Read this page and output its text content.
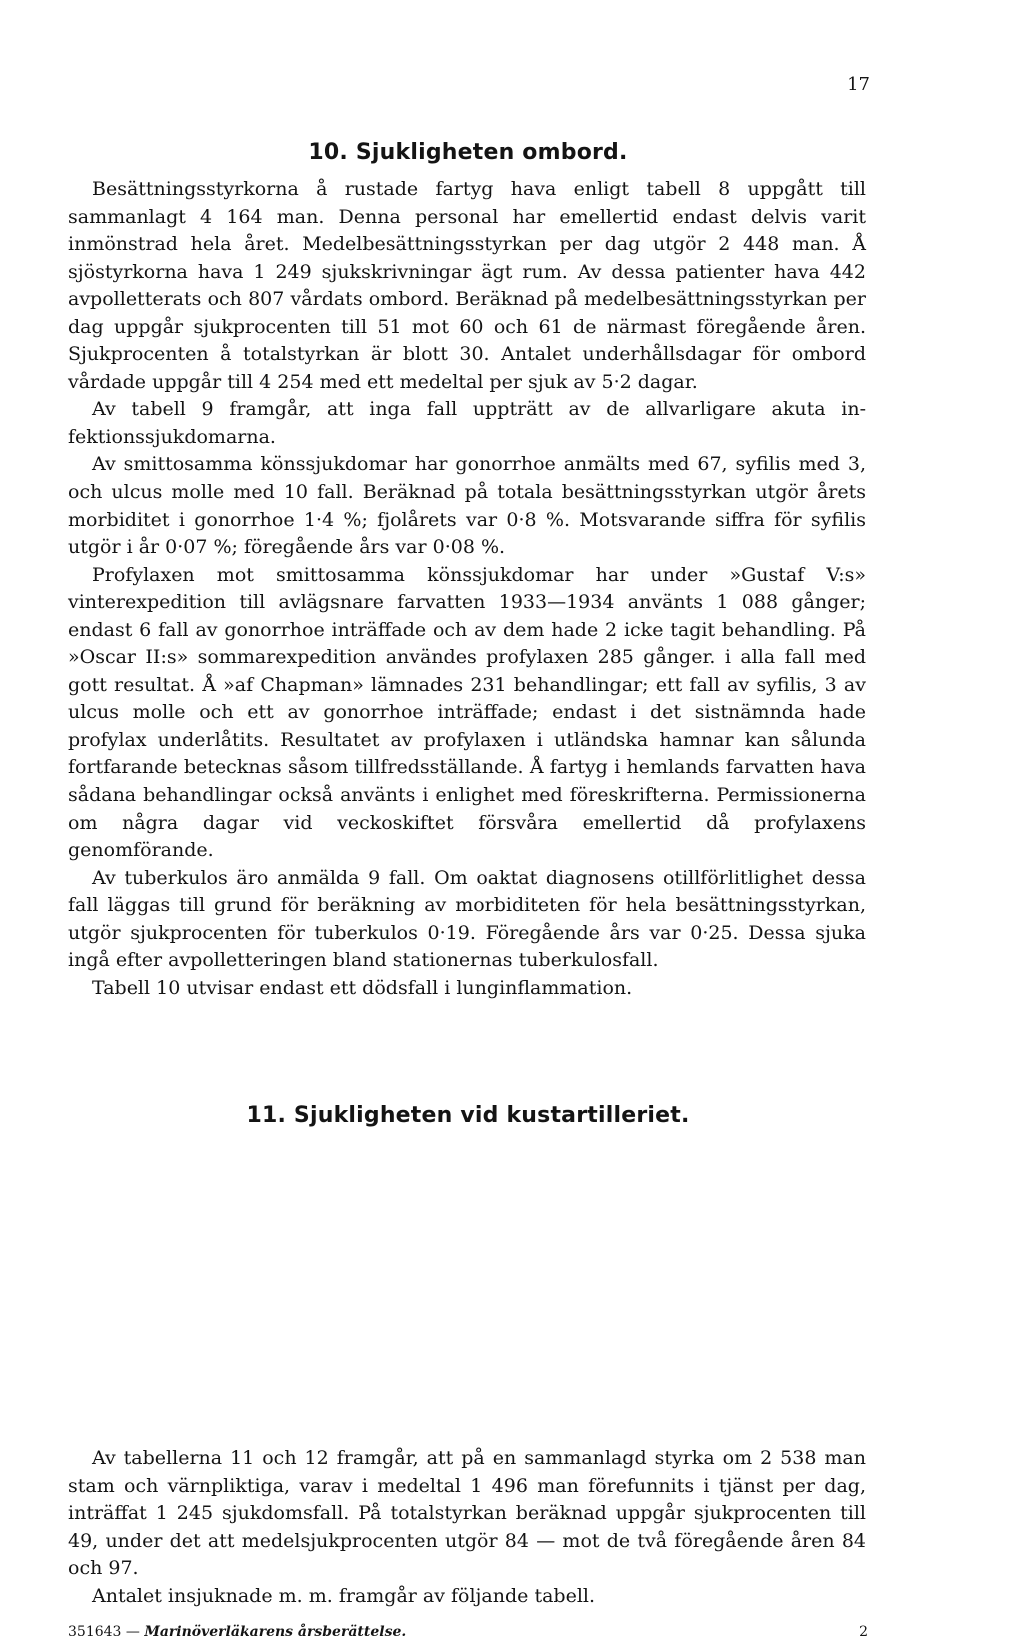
17
10. Sjukligheten ombord.

Besättningsstyrkorna å rustade fartyg hava enligt tabell 8 uppgått till sammanlagt 4 164 man. Denna personal har emellertid endast delvis varit inmönstrad hela året. Medelbesättningsstyrkan per dag utgör 2 448 man. Å sjöstyrkorna hava 1 249 sjukskrivningar ägt rum. Av dessa patienter hava 442 avpolletterats och 807 vårdats ombord. Beräknad på medelbesättningsstyrkan per dag uppgår sjukprocenten till 51 mot 60 och 61 de närmast föregående åren. Sjukprocenten å totalstyrkan är blott 30. Antalet underhållsdagar för ombord vårdade uppgår till 4 254 med ett medeltal per sjuk av 5·2 dagar.

Av tabell 9 framgår, att inga fall uppträtt av de allvarligare akuta infektionssjukdomarna.

Av smittosamma könssjukdomar har gonorrhoe anmälts med 67, syfilis med 3, och ulcus molle med 10 fall. Beräknad på totala besättningsstyrkan utgör årets morbiditet i gonorrhoe 1·4 %; fjolårets var 0·8 %. Motsvarande siffra för syfilis utgör i år 0·07 %; föregående års var 0·08 %.

Profylaxen mot smittosamma könssjukdomar har under »Gustaf V:s» vinterexpedition till avlägsnare farvatten 1933—1934 använts 1 088 gånger; endast 6 fall av gonorrhoe inträffade och av dem hade 2 icke tagit behandling. På »Oscar II:s» sommarexpedition användes profylaxen 285 gånger. i alla fall med gott resultat. Å »af Chapman» lämnades 231 behandlingar; ett fall av syfilis, 3 av ulcus molle och ett av gonorrhoe inträffade; endast i det sistnämnda hade profylax underlåtits. Resultatet av profylaxen i utländska hamnar kan sålunda fortfarande betecknas såsom tillfredsställande. Å fartyg i hemlands farvatten hava sådana behandlingar också använts i enlighet med föreskrifterna. Permissionerna om några dagar vid veckoskiftet försvåra emellertid då profylaxens genomförande.

Av tuberkulos äro anmälda 9 fall. Om oaktat diagnosens otillförlitlighet dessa fall läggas till grund för beräkning av morbiditeten för hela besättningsstyrkan, utgör sjukprocenten för tuberkulos 0·19. Föregående års var 0·25. Dessa sjuka ingå efter avpolletteringen bland stationernas tuberkulosfall.

Tabell 10 utvisar endast ett dödsfall i lunginflammation.

11. Sjukligheten vid kustartilleriet.

Av tabellerna 11 och 12 framgår, att på en sammanlagd styrka om 2 538 man stam och värnpliktiga, varav i medeltal 1 496 man förefunnits i tjänst per dag, inträffat 1 245 sjukdomsfall. På totalstyrkan beräknad uppgår sjukprocenten till 49, under det att medelsjukprocenten utgör 84 — mot de två föregående åren 84 och 97.

Antalet insjuknade m. m. framgår av följande tabell.

351643 — Marinöverläkarens årsberättelse.	2
